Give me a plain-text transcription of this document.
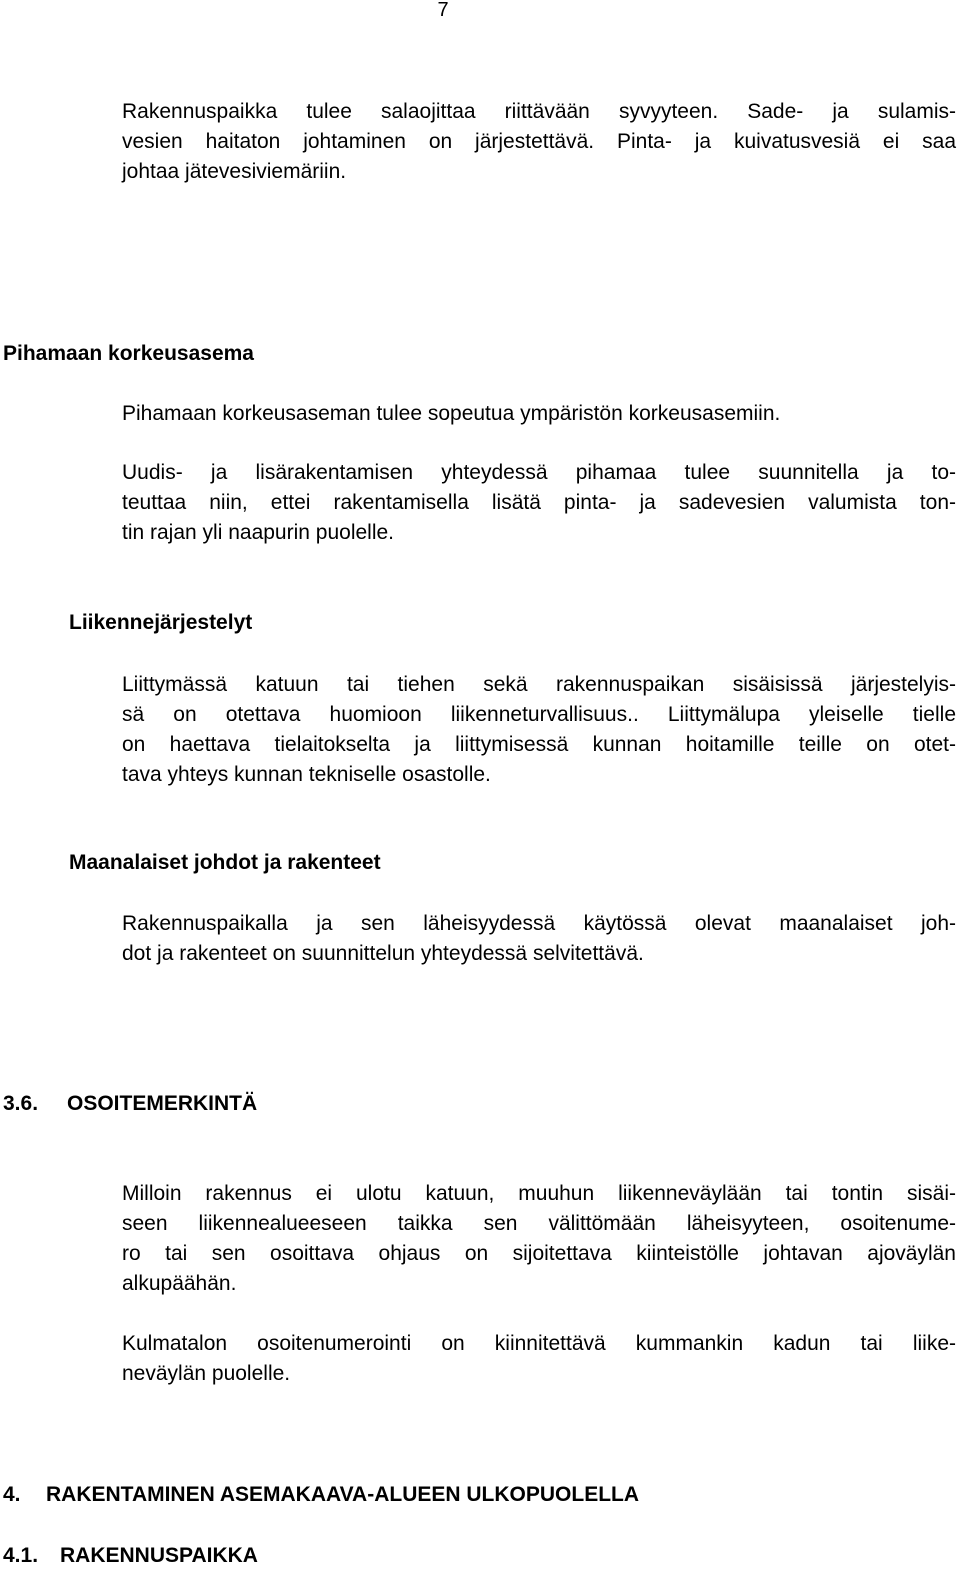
7
Rakennuspaikka tulee salaojittaa riittävään syvyyteen. Sade- ja sulamis-
vesien haitaton johtaminen on järjestettävä. Pinta- ja kuivatusvesiä ei saa
johtaa jätevesiviemäriin.
Pihamaan korkeusasema
Pihamaan korkeusaseman tulee sopeutua ympäristön korkeusasemiin.
Uudis- ja lisärakentamisen yhteydessä pihamaa tulee suunnitella ja to-
teuttaa niin, ettei rakentamisella lisätä pinta- ja sadevesien valumista ton-
tin rajan yli naapurin puolelle.
Liikennejärjestelyt
Liittymässä katuun tai tiehen sekä rakennuspaikan sisäisissä järjestelyis-
sä on otettava huomioon liikenneturvallisuus.. Liittymälupa yleiselle tielle
on haettava tielaitokselta ja liittymisessä kunnan hoitamille teille on otet-
tava yhteys kunnan tekniselle osastolle.
Maanalaiset johdot ja rakenteet
Rakennuspaikalla ja sen läheisyydessä käytössä olevat maanalaiset joh-
dot ja rakenteet on suunnittelun yhteydessä selvitettävä.
3.6. OSOITEMERKINTÄ
Milloin rakennus ei ulotu katuun, muuhun liikenneväylään tai tontin sisäi-
seen liikennealueeseen taikka sen välittömään läheisyyteen, osoitenume-
ro tai sen osoittava ohjaus on sijoitettava kiinteistölle johtavan ajoväylän
alkupäähän.
Kulmatalon osoitenumerointi on kiinnitettävä kummankin kadun tai liike-
neväylän puolelle.
4. RAKENTAMINEN ASEMAKAAVA-ALUEEN ULKOPUOLELLA
4.1. RAKENNUSPAIKKA
